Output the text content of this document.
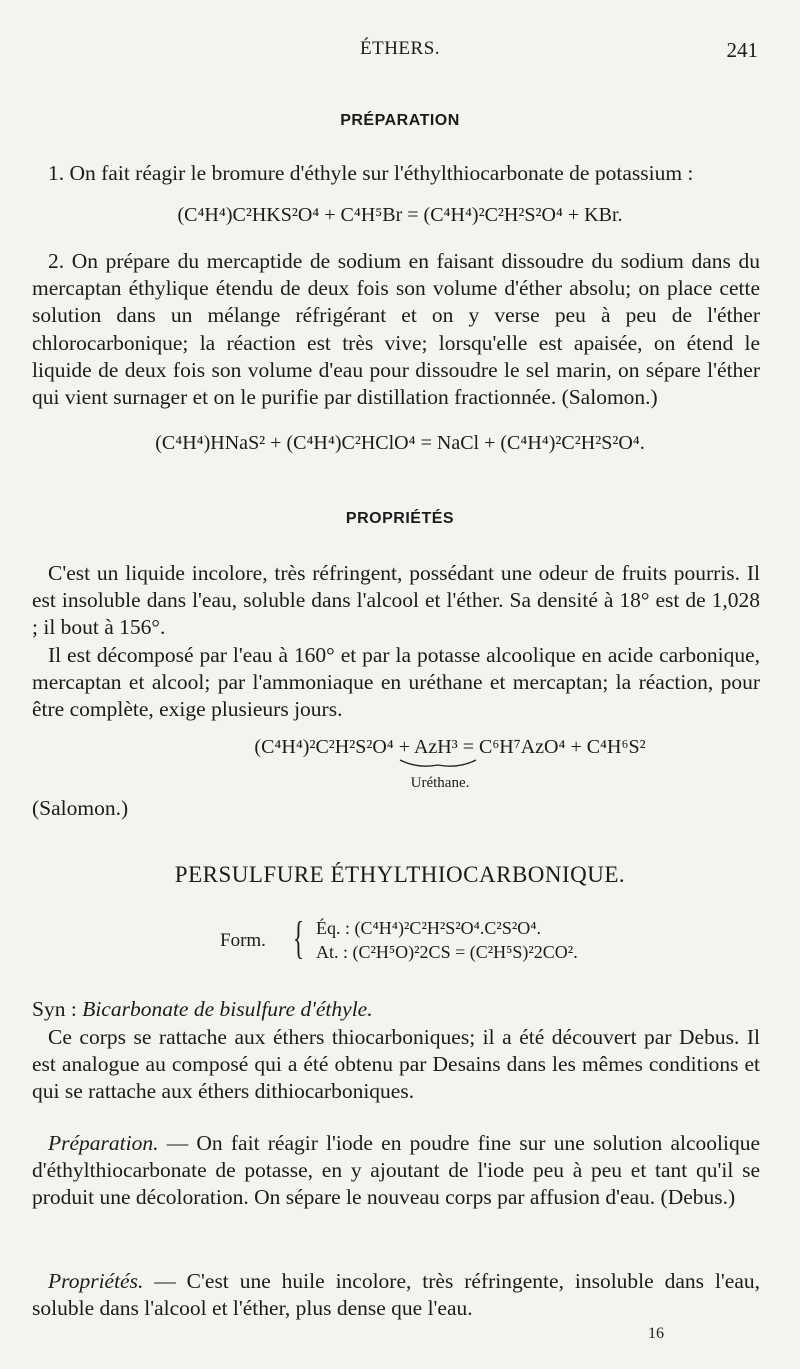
ÉTHERS.	241
PRÉPARATION

1. On fait réagir le bromure d'éthyle sur l'éthylthiocarbonate de potassium :

(C⁴H⁴)C²HKS²O⁴ + C⁴H⁵Br = (C⁴H⁴)²C²H²S²O⁴ + KBr.

2. On prépare du mercaptide de sodium en faisant dissoudre du sodium dans du mercaptan éthylique étendu de deux fois son volume d'éther absolu; on place cette solution dans un mélange réfrigérant et on y verse peu à peu de l'éther chlorocarbonique; la réaction est très vive; lorsqu'elle est apaisée, on étend le liquide de deux fois son volume d'eau pour dissoudre le sel marin, on sépare l'éther qui vient surnager et on le purifie par distillation fractionnée. (Salomon.)

(C⁴H⁴)HNaS² + (C⁴H⁴)C²HClO⁴ = NaCl + (C⁴H⁴)²C²H²S²O⁴.
PROPRIÉTÉS

C'est un liquide incolore, très réfringent, possédant une odeur de fruits pourris. Il est insoluble dans l'eau, soluble dans l'alcool et l'éther. Sa densité à 18° est de 1,028 ; il bout à 156°.

Il est décomposé par l'eau à 160° et par la potasse alcoolique en acide carbonique, mercaptan et alcool; par l'ammoniaque en uréthane et mercaptan; la réaction, pour être complète, exige plusieurs jours.

(C⁴H⁴)²C²H²S²O⁴ + AzH³ = C⁶H⁷AzO⁴ + C⁴H⁶S²
Uréthane.
(Salomon.)
PERSULFURE ÉTHYLTHIOCARBONIQUE.
Form. { Éq. : (C⁴H⁴)²C²H²S²O⁴.C²S²O⁴.
At. : (C²H⁵O)²2CS = (C²H⁵S)²2CO².

Syn : Bicarbonate de bisulfure d'éthyle.

Ce corps se rattache aux éthers thiocarboniques; il a été découvert par Debus. Il est analogue au composé qui a été obtenu par Desains dans les mêmes conditions et qui se rattache aux éthers dithiocarboniques.

Préparation. — On fait réagir l'iode en poudre fine sur une solution alcoolique d'éthylthiocarbonate de potasse, en y ajoutant de l'iode peu à peu et tant qu'il se produit une décoloration. On sépare le nouveau corps par affusion d'eau. (Debus.)

Propriétés. — C'est une huile incolore, très réfringente, insoluble dans l'eau, soluble dans l'alcool et l'éther, plus dense que l'eau.

16
